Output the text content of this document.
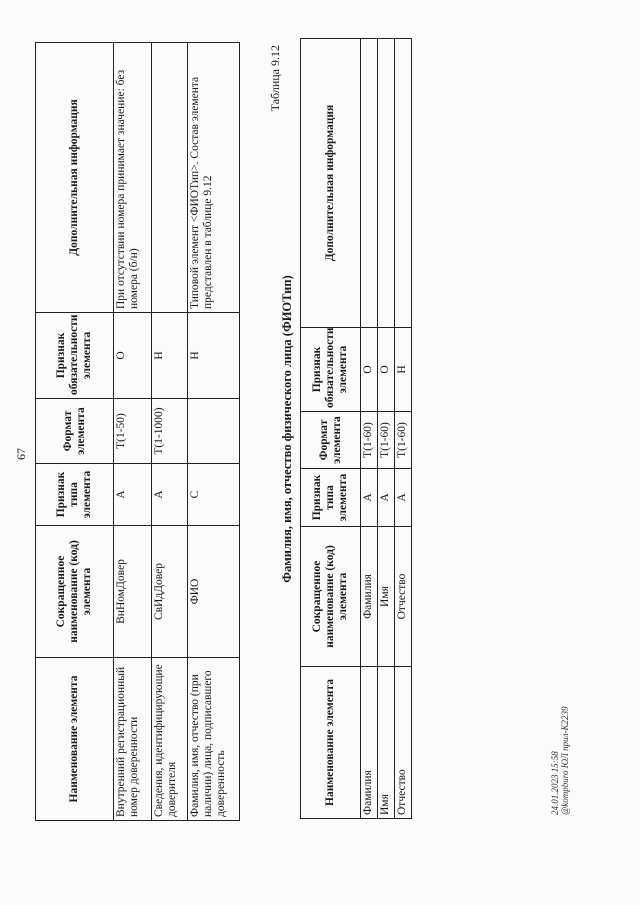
67
Наименование элемента	Сокращенное наименование (код) элемента	Признак типа элемента	Формат элемента	Признак обязательности элемента	Дополнительная информация
Внутренний регистрационный номер доверенности	ВнНомДовер	А	T(1-50)	О	При отсутствии номера принимает значение: без номера (б/н)
Сведения, идентифицирующие доверителя	СвИдДовер	А	T(1-1000)	Н	
Фамилия, имя, отчество (при наличии) лица, подписавшего доверенность	ФИО	С		Н	Типовой элемент <ФИОТип>. Состав элемента представлен в таблице 9.12
Таблица 9.12
Фамилия, имя, отчество физического лица (ФИОТип)
Наименование элемента	Сокращенное наименование (код) элемента	Признак типа элемента	Формат элемента	Признак обязательности элемента	Дополнительная информация
Фамилия	Фамилия	А	T(1-60)	О	
Имя	Имя	А	T(1-60)	О	
Отчество	Отчество	А	T(1-60)	Н	
24.01.2023 15:58 @kompburo ЮЛ прил-К2239
